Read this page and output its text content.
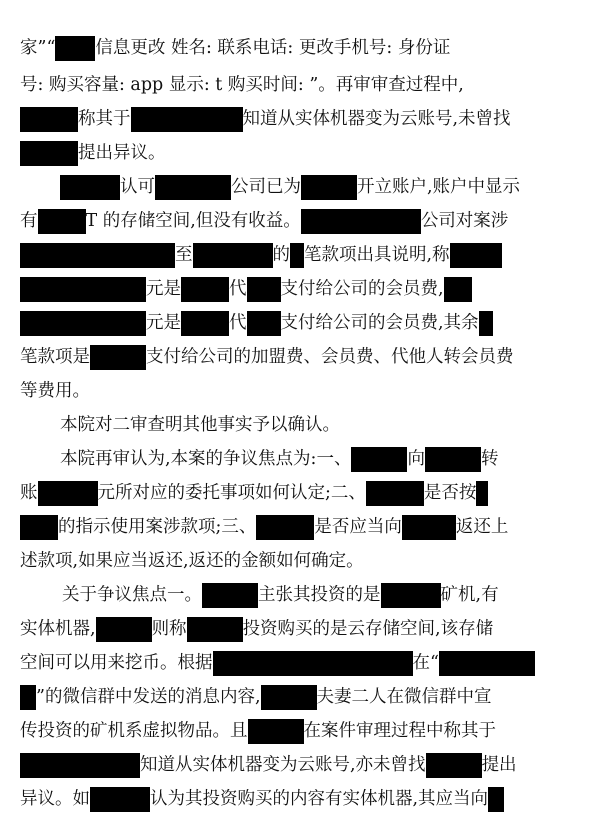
家”“ 信息更改 姓名: 联系电话: 更改手机号: 身份证
号: 购买容量: app 显示: t 购买时间: ”。再审审查过程中,
称其于	知道从实体机器变为云账号,未曾找
提出异议。
认可	公司已为	开立账户,账户中显示
有	T 的存储空间,但没有收益。	公司对案涉
至	的 笔款项出具说明,称
元是	代 支付给公司的会员费,
元是	代 支付给公司的会员费,其余
笔款项是	支付给公司的加盟费、会员费、代他人转会员费
等费用。
本院对二审查明其他事实予以确认。
本院再审认为,本案的争议焦点为:一、	向	转
账	元所对应的委托事项如何认定;二、	是否按
的指示使用案涉款项;三、	是否应当向	返还上
述款项,如果应当返还,返还的金额如何确定。
关于争议焦点一。	主张其投资的是	矿机,有
实体机器,	则称	投资购买的是云存储空间,该存储
空间可以用来挖币。根据	在“
”的微信群中发送的消息内容,	夫妻二人在微信群中宣
传投资的矿机系虚拟物品。且	在案件审理过程中称其于
知道从实体机器变为云账号,亦未曾找	提出
异议。如	认为其投资购买的内容有实体机器,其应当向
